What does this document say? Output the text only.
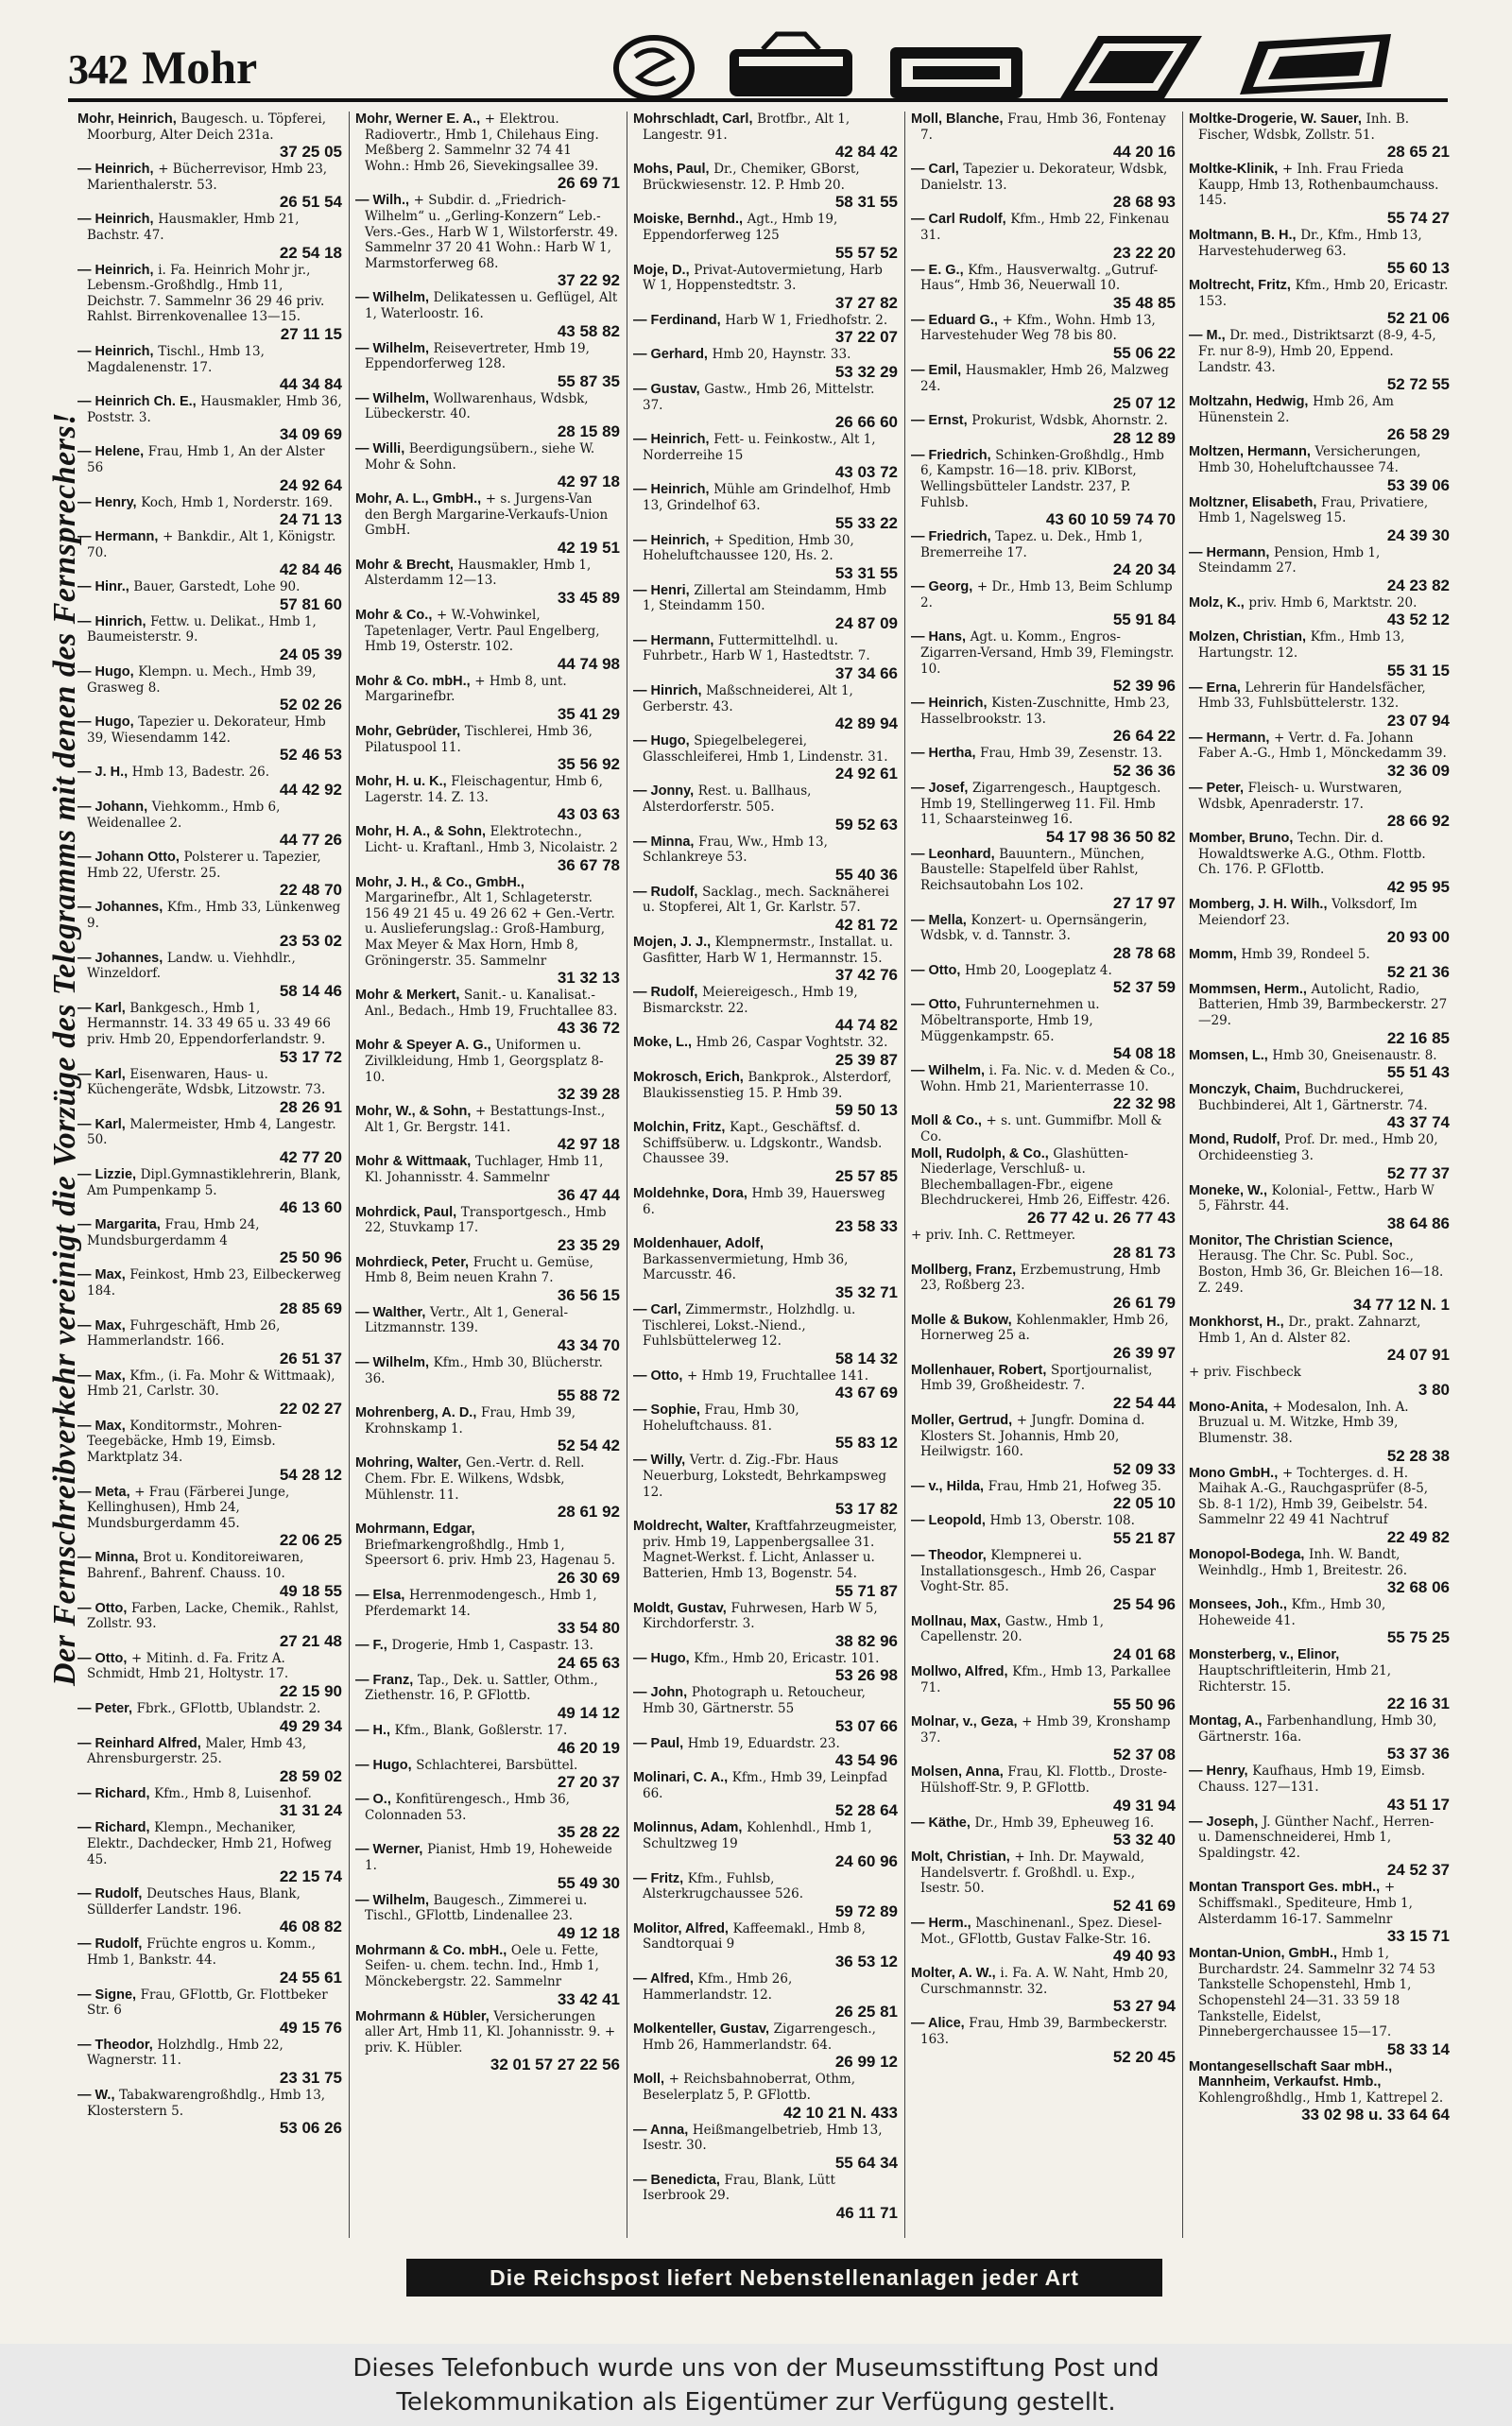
342 Mohr
Der Fernschreibverkehr vereinigt die Vorzüge des Telegramms mit denen des Fernsprechers!
Mohr, Heinrich, Baugesch. u. Töpferei, Moorburg, Alter Deich 231a.
37 25 05
— Heinrich, + Bücherrevisor, Hmb 23, Marienthalerstr. 53.
26 51 54
— Heinrich, Hausmakler, Hmb 21, Bachstr. 47.
22 54 18
— Heinrich, i. Fa. Heinrich Mohr jr., Lebensm.-Großhdlg., Hmb 11, Deichstr. 7. Sammelnr 36 29 46 priv. Rahlst. Birrenkovenallee 13—15.
27 11 15
— Heinrich, Tischl., Hmb 13, Magdalenenstr. 17.
44 34 84
— Heinrich Ch. E., Hausmakler, Hmb 36, Poststr. 3.
34 09 69
— Helene, Frau, Hmb 1, An der Alster 56
24 92 64
— Henry, Koch, Hmb 1, Norderstr. 169.
24 71 13
— Hermann, + Bankdir., Alt 1, Königstr. 70.
42 84 46
— Hinr., Bauer, Garstedt, Lohe 90.
57 81 60
— Hinrich, Fettw. u. Delikat., Hmb 1, Baumeisterstr. 9.
24 05 39
— Hugo, Klempn. u. Mech., Hmb 39, Grasweg 8.
52 02 26
— Hugo, Tapezier u. Dekorateur, Hmb 39, Wiesendamm 142.
52 46 53
— J. H., Hmb 13, Badestr. 26.
44 42 92
— Johann, Viehkomm., Hmb 6, Weidenallee 2.
44 77 26
— Johann Otto, Polsterer u. Tapezier, Hmb 22, Uferstr. 25.
22 48 70
— Johannes, Kfm., Hmb 33, Lünkenweg 9.
23 53 02
— Johannes, Landw. u. Viehhdlr., Winzeldorf.
58 14 46
— Karl, Bankgesch., Hmb 1, Hermannstr. 14. 33 49 65 u. 33 49 66 priv. Hmb 20, Eppendorferlandstr. 9.
53 17 72
— Karl, Eisenwaren, Haus- u. Küchengeräte, Wdsbk, Litzowstr. 73.
28 26 91
— Karl, Malermeister, Hmb 4, Langestr. 50.
42 77 20
— Lizzie, Dipl.Gymnastiklehrerin, Blank, Am Pumpenkamp 5.
46 13 60
— Margarita, Frau, Hmb 24, Mundsburgerdamm 4
25 50 96
— Max, Feinkost, Hmb 23, Eilbeckerweg 184.
28 85 69
— Max, Fuhrgeschäft, Hmb 26, Hammerlandstr. 166.
26 51 37
— Max, Kfm., (i. Fa. Mohr & Wittmaak), Hmb 21, Carlstr. 30.
22 02 27
— Max, Konditormstr., Mohren-Teegebäcke, Hmb 19, Eimsb. Marktplatz 34.
54 28 12
— Meta, + Frau (Färberei Junge, Kellinghusen), Hmb 24, Mundsburgerdamm 45.
22 06 25
— Minna, Brot u. Konditoreiwaren, Bahrenf., Bahrenf. Chauss. 10.
49 18 55
— Otto, Farben, Lacke, Chemik., Rahlst, Zollstr. 93.
27 21 48
— Otto, + Mitinh. d. Fa. Fritz A. Schmidt, Hmb 21, Holtystr. 17.
22 15 90
— Peter, Fbrk., GFlottb, Ublandstr. 2.
49 29 34
— Reinhard Alfred, Maler, Hmb 43, Ahrensburgerstr. 25.
28 59 02
— Richard, Kfm., Hmb 8, Luisenhof.
31 31 24
— Richard, Klempn., Mechaniker, Elektr., Dachdecker, Hmb 21, Hofweg 45.
22 15 74
— Rudolf, Deutsches Haus, Blank, Süllderfer Landstr. 196.
46 08 82
— Rudolf, Früchte engros u. Komm., Hmb 1, Bankstr. 44.
24 55 61
— Signe, Frau, GFlottb, Gr. Flottbeker Str. 6
49 15 76
— Theodor, Holzhdlg., Hmb 22, Wagnerstr. 11.
23 31 75
— W., Tabakwarengroßhdlg., Hmb 13, Klosterstern 5.
53 06 26
Mohr, Werner E. A., + Elektrou. Radiovertr., Hmb 1, Chilehaus Eing. Meßberg 2. Sammelnr 32 74 41 Wohn.: Hmb 26, Sievekingsallee 39.
26 69 71
— Wilh., + Subdir. d. „Friedrich-Wilhelm“ u. „Gerling-Konzern“ Leb.-Vers.-Ges., Harb W 1, Wilstorferstr. 49. Sammelnr 37 20 41 Wohn.: Harb W 1, Marmstorferweg 68.
37 22 92
— Wilhelm, Delikatessen u. Geflügel, Alt 1, Waterloostr. 16.
43 58 82
— Wilhelm, Reisevertreter, Hmb 19, Eppendorferweg 128.
55 87 35
— Wilhelm, Wollwarenhaus, Wdsbk, Lübeckerstr. 40.
28 15 89
— Willi, Beerdigungsübern., siehe W. Mohr & Sohn.
42 97 18
Mohr, A. L., GmbH., + s. Jurgens-Van den Bergh Margarine-Verkaufs-Union GmbH.
42 19 51
Mohr & Brecht, Hausmakler, Hmb 1, Alsterdamm 12—13.
33 45 89
Mohr & Co., + W.-Vohwinkel, Tapetenlager, Vertr. Paul Engelberg, Hmb 19, Osterstr. 102.
44 74 98
Mohr & Co. mbH., + Hmb 8, unt. Margarinefbr.
35 41 29
Mohr, Gebrüder, Tischlerei, Hmb 36, Pilatuspool 11.
35 56 92
Mohr, H. u. K., Fleischagentur, Hmb 6, Lagerstr. 14. Z. 13.
43 03 63
Mohr, H. A., & Sohn, Elektrotechn., Licht- u. Kraftanl., Hmb 3, Nicolaistr. 2
36 67 78
Mohr, J. H., & Co., GmbH., Margarinefbr., Alt 1, Schlageterstr. 156 49 21 45 u. 49 26 62 + Gen.-Vertr. u. Auslieferungslag.: Groß-Hamburg, Max Meyer & Max Horn, Hmb 8, Gröningerstr. 35. Sammelnr
31 32 13
Mohr & Merkert, Sanit.- u. Kanalisat.-Anl., Bedach., Hmb 19, Fruchtallee 83.
43 36 72
Mohr & Speyer A. G., Uniformen u. Zivilkleidung, Hmb 1, Georgsplatz 8-10.
32 39 28
Mohr, W., & Sohn, + Bestattungs-Inst., Alt 1, Gr. Bergstr. 141.
42 97 18
Mohr & Wittmaak, Tuchlager, Hmb 11, Kl. Johannisstr. 4. Sammelnr
36 47 44
Mohrdick, Paul, Transportgesch., Hmb 22, Stuvkamp 17.
23 35 29
Mohrdieck, Peter, Frucht u. Gemüse, Hmb 8, Beim neuen Krahn 7.
36 56 15
— Walther, Vertr., Alt 1, General-Litzmannstr. 139.
43 34 70
— Wilhelm, Kfm., Hmb 30, Blücherstr. 36.
55 88 72
Mohrenberg, A. D., Frau, Hmb 39, Krohnskamp 1.
52 54 42
Mohring, Walter, Gen.-Vertr. d. Rell. Chem. Fbr. E. Wilkens, Wdsbk, Mühlenstr. 11.
28 61 92
Mohrmann, Edgar, Briefmarkengroßhdlg., Hmb 1, Speersort 6. priv. Hmb 23, Hagenau 5.
26 30 69
— Elsa, Herrenmodengesch., Hmb 1, Pferdemarkt 14.
33 54 80
— F., Drogerie, Hmb 1, Caspastr. 13.
24 65 63
— Franz, Tap., Dek. u. Sattler, Othm., Ziethenstr. 16, P. GFlottb.
49 14 12
— H., Kfm., Blank, Goßlerstr. 17.
46 20 19
— Hugo, Schlachterei, Barsbüttel.
27 20 37
— O., Konfitürengesch., Hmb 36, Colonnaden 53.
35 28 22
— Werner, Pianist, Hmb 19, Hoheweide 1.
55 49 30
— Wilhelm, Baugesch., Zimmerei u. Tischl., GFlottb, Lindenallee 23.
49 12 18
Mohrmann & Co. mbH., Oele u. Fette, Seifen- u. chem. techn. Ind., Hmb 1, Mönckebergstr. 22. Sammelnr
33 42 41
Mohrmann & Hübler, Versicherungen aller Art, Hmb 11, Kl. Johannisstr. 9. + priv. K. Hübler.
32 01 57 27 22 56
Mohrschladt, Carl, Brotfbr., Alt 1, Langestr. 91.
42 84 42
Mohs, Paul, Dr., Chemiker, GBorst, Brückwiesenstr. 12. P. Hmb 20.
58 31 55
Moiske, Bernhd., Agt., Hmb 19, Eppendorferweg 125
55 57 52
Moje, D., Privat-Autovermietung, Harb W 1, Hoppenstedtstr. 3.
37 27 82
— Ferdinand, Harb W 1, Friedhofstr. 2.
37 22 07
— Gerhard, Hmb 20, Haynstr. 33.
53 32 29
— Gustav, Gastw., Hmb 26, Mittelstr. 37.
26 66 60
— Heinrich, Fett- u. Feinkostw., Alt 1, Norderreihe 15
43 03 72
— Heinrich, Mühle am Grindelhof, Hmb 13, Grindelhof 63.
55 33 22
— Heinrich, + Spedition, Hmb 30, Hoheluftchaussee 120, Hs. 2.
53 31 55
— Henri, Zillertal am Steindamm, Hmb 1, Steindamm 150.
24 87 09
— Hermann, Futtermittelhdl. u. Fuhrbetr., Harb W 1, Hastedtstr. 7.
37 34 66
— Hinrich, Maßschneiderei, Alt 1, Gerberstr. 43.
42 89 94
— Hugo, Spiegelbelegerei, Glasschleiferei, Hmb 1, Lindenstr. 31.
24 92 61
— Jonny, Rest. u. Ballhaus, Alsterdorferstr. 505.
59 52 63
— Minna, Frau, Ww., Hmb 13, Schlankreye 53.
55 40 36
— Rudolf, Sacklag., mech. Sacknäherei u. Stopferei, Alt 1, Gr. Karlstr. 57.
42 81 72
Mojen, J. J., Klempnermstr., Installat. u. Gasfitter, Harb W 1, Hermannstr. 15.
37 42 76
— Rudolf, Meiereigesch., Hmb 19, Bismarckstr. 22.
44 74 82
Moke, L., Hmb 26, Caspar Voghtstr. 32.
25 39 87
Mokrosch, Erich, Bankprok., Alsterdorf, Blaukissenstieg 15. P. Hmb 39.
59 50 13
Molchin, Fritz, Kapt., Geschäftsf. d. Schiffsüberw. u. Ldgskontr., Wandsb. Chaussee 39.
25 57 85
Moldehnke, Dora, Hmb 39, Hauersweg 6.
23 58 33
Moldenhauer, Adolf, Barkassenvermietung, Hmb 36, Marcusstr. 46.
35 32 71
— Carl, Zimmermstr., Holzhdlg. u. Tischlerei, Lokst.-Niend., Fuhlsbüttelerweg 12.
58 14 32
— Otto, + Hmb 19, Fruchtallee 141.
43 67 69
— Sophie, Frau, Hmb 30, Hoheluftchauss. 81.
55 83 12
— Willy, Vertr. d. Zig.-Fbr. Haus Neuerburg, Lokstedt, Behrkampsweg 12.
53 17 82
Moldrecht, Walter, Kraftfahrzeugmeister, priv. Hmb 19, Lappenbergsallee 31. Magnet-Werkst. f. Licht, Anlasser u. Batterien, Hmb 13, Bogenstr. 54.
55 71 87
Moldt, Gustav, Fuhrwesen, Harb W 5, Kirchdorferstr. 3.
38 82 96
— Hugo, Kfm., Hmb 20, Ericastr. 101.
53 26 98
— John, Photograph u. Retoucheur, Hmb 30, Gärtnerstr. 55
53 07 66
— Paul, Hmb 19, Eduardstr. 23.
43 54 96
Molinari, C. A., Kfm., Hmb 39, Leinpfad 66.
52 28 64
Molinnus, Adam, Kohlenhdl., Hmb 1, Schultzweg 19
24 60 96
— Fritz, Kfm., Fuhlsb, Alsterkrugchaussee 526.
59 72 89
Molitor, Alfred, Kaffeemakl., Hmb 8, Sandtorquai 9
36 53 12
— Alfred, Kfm., Hmb 26, Hammerlandstr. 12.
26 25 81
Molkenteller, Gustav, Zigarrengesch., Hmb 26, Hammerlandstr. 64.
26 99 12
Moll, + Reichsbahnoberrat, Othm, Beselerplatz 5, P. GFlottb.
42 10 21 N. 433
— Anna, Heißmangelbetrieb, Hmb 13, Isestr. 30.
55 64 34
— Benedicta, Frau, Blank, Lütt Iserbrook 29.
46 11 71
Moll, Blanche, Frau, Hmb 36, Fontenay 7.
44 20 16
— Carl, Tapezier u. Dekorateur, Wdsbk, Danielstr. 13.
28 68 93
— Carl Rudolf, Kfm., Hmb 22, Finkenau 31.
23 22 20
— E. G., Kfm., Hausverwaltg. „Gutruf-Haus“, Hmb 36, Neuerwall 10.
35 48 85
— Eduard G., + Kfm., Wohn. Hmb 13, Harvestehuder Weg 78 bis 80.
55 06 22
— Emil, Hausmakler, Hmb 26, Malzweg 24.
25 07 12
— Ernst, Prokurist, Wdsbk, Ahornstr. 2.
28 12 89
— Friedrich, Schinken-Großhdlg., Hmb 6, Kampstr. 16—18. priv. KlBorst, Wellingsbütteler Landstr. 237, P. Fuhlsb.
43 60 10 59 74 70
— Friedrich, Tapez. u. Dek., Hmb 1, Bremerreihe 17.
24 20 34
— Georg, + Dr., Hmb 13, Beim Schlump 2.
55 91 84
— Hans, Agt. u. Komm., Engros-Zigarren-Versand, Hmb 39, Flemingstr. 10.
52 39 96
— Heinrich, Kisten-Zuschnitte, Hmb 23, Hasselbrookstr. 13.
26 64 22
— Hertha, Frau, Hmb 39, Zesenstr. 13.
52 36 36
— Josef, Zigarrengesch., Hauptgesch. Hmb 19, Stellingerweg 11. Fil. Hmb 11, Schaarsteinweg 16.
54 17 98 36 50 82
— Leonhard, Bauuntern., München, Baustelle: Stapelfeld über Rahlst, Reichsautobahn Los 102.
27 17 97
— Mella, Konzert- u. Opernsängerin, Wdsbk, v. d. Tannstr. 3.
28 78 68
— Otto, Hmb 20, Loogeplatz 4.
52 37 59
— Otto, Fuhrunternehmen u. Möbeltransporte, Hmb 19, Müggenkampstr. 65.
54 08 18
— Wilhelm, i. Fa. Nic. v. d. Meden & Co., Wohn. Hmb 21, Marienterrasse 10.
22 32 98
Moll & Co., + s. unt. Gummifbr. Moll & Co.
Moll, Rudolph, & Co., Glashütten-Niederlage, Verschluß- u. Blechemballagen-Fbr., eigene Blechdruckerei, Hmb 26, Eiffestr. 426.
26 77 42 u. 26 77 43
+ priv. Inh. C. Rettmeyer.
28 81 73
Mollberg, Franz, Erzbemustrung, Hmb 23, Roßberg 23.
26 61 79
Molle & Bukow, Kohlenmakler, Hmb 26, Hornerweg 25 a.
26 39 97
Mollenhauer, Robert, Sportjournalist, Hmb 39, Großheidestr. 7.
22 54 44
Moller, Gertrud, + Jungfr. Domina d. Klosters St. Johannis, Hmb 20, Heilwigstr. 160.
52 09 33
— v., Hilda, Frau, Hmb 21, Hofweg 35.
22 05 10
— Leopold, Hmb 13, Oberstr. 108.
55 21 87
— Theodor, Klempnerei u. Installationsgesch., Hmb 26, Caspar Voght-Str. 85.
25 54 96
Mollnau, Max, Gastw., Hmb 1, Capellenstr. 20.
24 01 68
Mollwo, Alfred, Kfm., Hmb 13, Parkallee 71.
55 50 96
Molnar, v., Geza, + Hmb 39, Kronshamp 37.
52 37 08
Molsen, Anna, Frau, Kl. Flottb., Droste-Hülshoff-Str. 9, P. GFlottb.
49 31 94
— Käthe, Dr., Hmb 39, Epheuweg 16.
53 32 40
Molt, Christian, + Inh. Dr. Maywald, Handelsvertr. f. Großhdl. u. Exp., Isestr. 50.
52 41 69
— Herm., Maschinenanl., Spez. Diesel-Mot., GFlottb, Gustav Falke-Str. 16.
49 40 93
Molter, A. W., i. Fa. A. W. Naht, Hmb 20, Curschmannstr. 32.
53 27 94
— Alice, Frau, Hmb 39, Barmbeckerstr. 163.
52 20 45
Moltke-Drogerie, W. Sauer, Inh. B. Fischer, Wdsbk, Zollstr. 51.
28 65 21
Moltke-Klinik, + Inh. Frau Frieda Kaupp, Hmb 13, Rothenbaumchauss. 145.
55 74 27
Moltmann, B. H., Dr., Kfm., Hmb 13, Harvestehuderweg 63.
55 60 13
Moltrecht, Fritz, Kfm., Hmb 20, Ericastr. 153.
52 21 06
— M., Dr. med., Distriktsarzt (8-9, 4-5, Fr. nur 8-9), Hmb 20, Eppend. Landstr. 43.
52 72 55
Moltzahn, Hedwig, Hmb 26, Am Hünenstein 2.
26 58 29
Moltzen, Hermann, Versicherungen, Hmb 30, Hoheluftchaussee 74.
53 39 06
Moltzner, Elisabeth, Frau, Privatiere, Hmb 1, Nagelsweg 15.
24 39 30
— Hermann, Pension, Hmb 1, Steindamm 27.
24 23 82
Molz, K., priv. Hmb 6, Marktstr. 20.
43 52 12
Molzen, Christian, Kfm., Hmb 13, Hartungstr. 12.
55 31 15
— Erna, Lehrerin für Handelsfächer, Hmb 33, Fuhlsbüttelerstr. 132.
23 07 94
— Hermann, + Vertr. d. Fa. Johann Faber A.-G., Hmb 1, Mönckedamm 39.
32 36 09
— Peter, Fleisch- u. Wurstwaren, Wdsbk, Apenraderstr. 17.
28 66 92
Momber, Bruno, Techn. Dir. d. Howaldtswerke A.G., Othm. Flottb. Ch. 176. P. GFlottb.
42 95 95
Momberg, J. H. Wilh., Volksdorf, Im Meiendorf 23.
20 93 00
Momm, Hmb 39, Rondeel 5.
52 21 36
Mommsen, Herm., Autolicht, Radio, Batterien, Hmb 39, Barmbeckerstr. 27—29.
22 16 85
Momsen, L., Hmb 30, Gneisenaustr. 8.
55 51 43
Monczyk, Chaim, Buchdruckerei, Buchbinderei, Alt 1, Gärtnerstr. 74.
43 37 74
Mond, Rudolf, Prof. Dr. med., Hmb 20, Orchideenstieg 3.
52 77 37
Moneke, W., Kolonial-, Fettw., Harb W 5, Fährstr. 44.
38 64 86
Monitor, The Christian Science, Herausg. The Chr. Sc. Publ. Soc., Boston, Hmb 36, Gr. Bleichen 16—18. Z. 249.
34 77 12 N. 1
Monkhorst, H., Dr., prakt. Zahnarzt, Hmb 1, An d. Alster 82.
24 07 91
+ priv. Fischbeck
3 80
Mono-Anita, + Modesalon, Inh. A. Bruzual u. M. Witzke, Hmb 39, Blumenstr. 38.
52 28 38
Mono GmbH., + Tochterges. d. H. Maihak A.-G., Rauchgasprüfer (8-5, Sb. 8-1 1/2), Hmb 39, Geibelstr. 54. Sammelnr 22 49 41 Nachtruf
22 49 82
Monopol-Bodega, Inh. W. Bandt, Weinhdlg., Hmb 1, Breitestr. 26.
32 68 06
Monsees, Joh., Kfm., Hmb 30, Hoheweide 41.
55 75 25
Monsterberg, v., Elinor, Hauptschriftleiterin, Hmb 21, Richterstr. 15.
22 16 31
Montag, A., Farbenhandlung, Hmb 30, Gärtnerstr. 16a.
53 37 36
— Henry, Kaufhaus, Hmb 19, Eimsb. Chauss. 127—131.
43 51 17
— Joseph, J. Günther Nachf., Herren- u. Damenschneiderei, Hmb 1, Spaldingstr. 42.
24 52 37
Montan Transport Ges. mbH., + Schiffsmakl., Spediteure, Hmb 1, Alsterdamm 16-17. Sammelnr
33 15 71
Montan-Union, GmbH., Hmb 1, Burchardstr. 24. Sammelnr 32 74 53 Tankstelle Schopenstehl, Hmb 1, Schopenstehl 24—31. 33 59 18 Tankstelle, Eidelst, Pinnebergerchaussee 15—17.
58 33 14
Montangesellschaft Saar mbH., Mannheim, Verkaufst. Hmb., Kohlengroßhdlg., Hmb 1, Kattrepel 2.
33 02 98 u. 33 64 64
Die Reichspost liefert Nebenstellenanlagen jeder Art
Dieses Telefonbuch wurde uns von der Museumsstiftung Post und
Telekommunikation als Eigentümer zur Verfügung gestellt.
